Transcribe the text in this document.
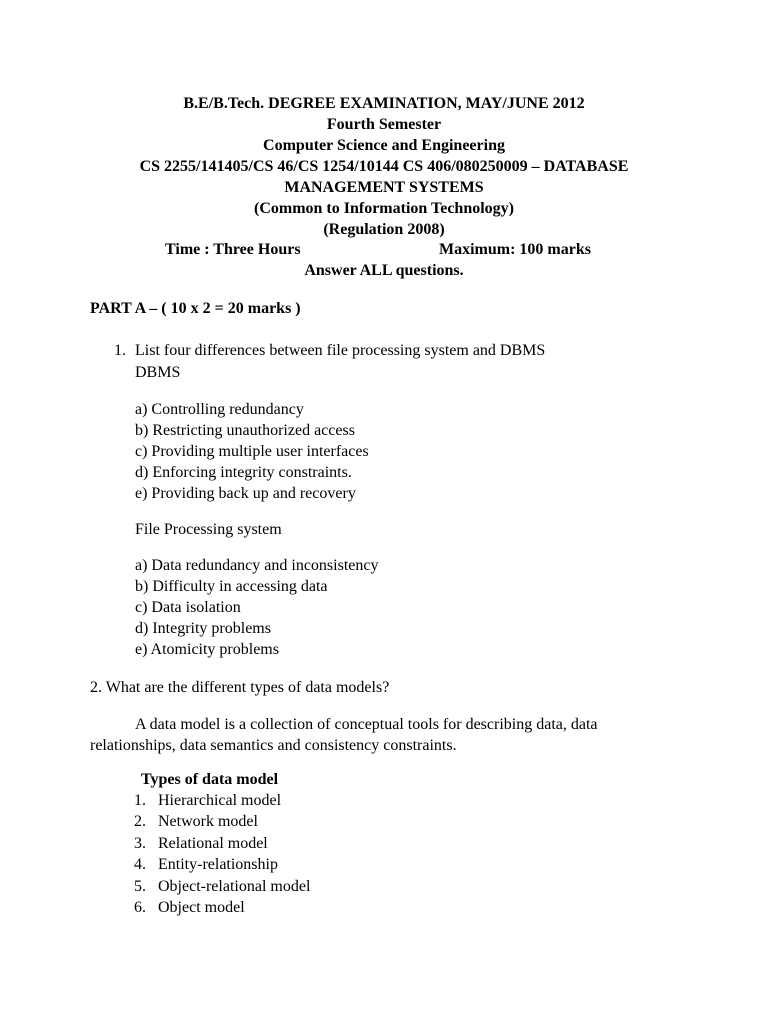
B.E/B.Tech. DEGREE EXAMINATION, MAY/JUNE 2012
Fourth Semester
Computer Science and Engineering
CS 2255/141405/CS 46/CS 1254/10144 CS 406/080250009 – DATABASE
MANAGEMENT SYSTEMS
(Common to Information Technology)
(Regulation 2008)
Time : Three Hours	Maximum: 100 marks
Answer ALL questions.
PART A – ( 10 x 2 = 20 marks )
1. List four differences between file processing system and DBMS
DBMS
a) Controlling redundancy
b) Restricting unauthorized access
c) Providing multiple user interfaces
d) Enforcing integrity constraints.
e) Providing back up and recovery
File Processing system
a) Data redundancy and inconsistency
b) Difficulty in accessing data
c) Data isolation
d) Integrity problems
e) Atomicity problems
2. What are the different types of data models?
A data model is a collection of conceptual tools for describing data, data
relationships, data semantics and consistency constraints.
Types of data model
1. Hierarchical model
2. Network model
3. Relational model
4. Entity-relationship
5. Object-relational model
6. Object model
